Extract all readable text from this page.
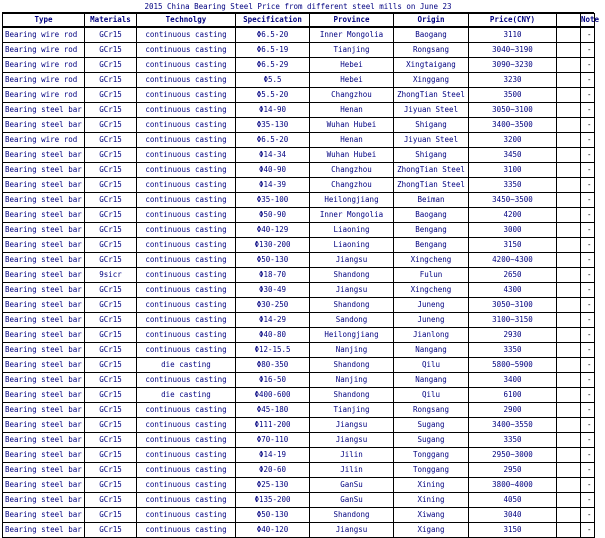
2015 China Bearing Steel Price from different steel mills on June 23
Type	Materials	Technolgy	Specification	Province	Origin	Price(CNY)		Note
Bearing wire rod	GCr15	continuous casting	Φ6.5-20	Inner Mongolia	Baogang	3110		-
Bearing wire rod	GCr15	continuous casting	Φ6.5-19	Tianjing	Rongsang	3040~3190		-
Bearing wire rod	GCr15	continuous casting	Φ6.5-29	Hebei	Xingtaigang	3090~3230		-
Bearing wire rod	GCr15	continuous casting	Φ5.5	Hebei	Xinggang	3230		-
Bearing wire rod	GCr15	continuous casting	Φ5.5-20	Changzhou	ZhongTian Steel	3500		-
Bearing steel bar	GCr15	continuous casting	Φ14-90	Henan	Jiyuan Steel	3050~3100		-
Bearing steel bar	GCr15	continuous casting	Φ35-130	Wuhan Hubei	Shigang	3400~3500		-
Bearing wire rod	GCr15	continuous casting	Φ6.5-20	Henan	Jiyuan Steel	3200		-
Bearing steel bar	GCr15	continuous casting	Φ14-34	Wuhan Hubei	Shigang	3450		-
Bearing steel bar	GCr15	continuous casting	Φ40-90	Changzhou	ZhongTian Steel	3100		-
Bearing steel bar	GCr15	continuous casting	Φ14-39	Changzhou	ZhongTian Steel	3350		-
Bearing steel bar	GCr15	continuous casting	Φ35-100	Heilongjiang	Beiman	3450~3500		-
Bearing steel bar	GCr15	continuous casting	Φ50-90	Inner Mongolia	Baogang	4200		-
Bearing steel bar	GCr15	continuous casting	Φ40-129	Liaoning	Bengang	3000		-
Bearing steel bar	GCr15	continuous casting	Φ130-200	Liaoning	Bengang	3150		-
Bearing steel bar	GCr15	continuous casting	Φ50-130	Jiangsu	Xingcheng	4200~4300		-
Bearing steel bar	9sicr	continuous casting	Φ18-70	Shandong	Fulun	2650		-
Bearing steel bar	GCr15	continuous casting	Φ30-49	Jiangsu	Xingcheng	4300		-
Bearing steel bar	GCr15	continuous casting	Φ30-250	Shandong	Juneng	3050~3100		-
Bearing steel bar	GCr15	continuous casting	Φ14-29	Sandong	Juneng	3100~3150		-
Bearing steel bar	GCr15	continuous casting	Φ40-80	Heilongjiang	Jianlong	2930		-
Bearing steel bar	GCr15	continuous casting	Φ12-15.5	Nanjing	Nangang	3350		-
Bearing steel bar	GCr15	die casting	Φ80-350	Shandong	Qilu	5800~5900		-
Bearing steel bar	GCr15	continuous casting	Φ16-50	Nanjing	Nangang	3400		-
Bearing steel bar	GCr15	die casting	Φ400-600	Shandong	Qilu	6100		-
Bearing steel bar	GCr15	continuous casting	Φ45-180	Tianjing	Rongsang	2900		-
Bearing steel bar	GCr15	continuous casting	Φ111-200	Jiangsu	Sugang	3400~3550		-
Bearing steel bar	GCr15	continuous casting	Φ70-110	Jiangsu	Sugang	3350		-
Bearing steel bar	GCr15	continuous casting	Φ14-19	Jilin	Tonggang	2950~3000		-
Bearing steel bar	GCr15	continuous casting	Φ20-60	Jilin	Tonggang	2950		-
Bearing steel bar	GCr15	continuous casting	Φ25-130	GanSu	Xining	3800~4000		-
Bearing steel bar	GCr15	continuous casting	Φ135-200	GanSu	Xining	4050		-
Bearing steel bar	GCr15	continuous casting	Φ50-130	Shandong	Xiwang	3040		-
Bearing steel bar	GCr15	continuous casting	Φ40-120	Jiangsu	Xigang	3150		-
